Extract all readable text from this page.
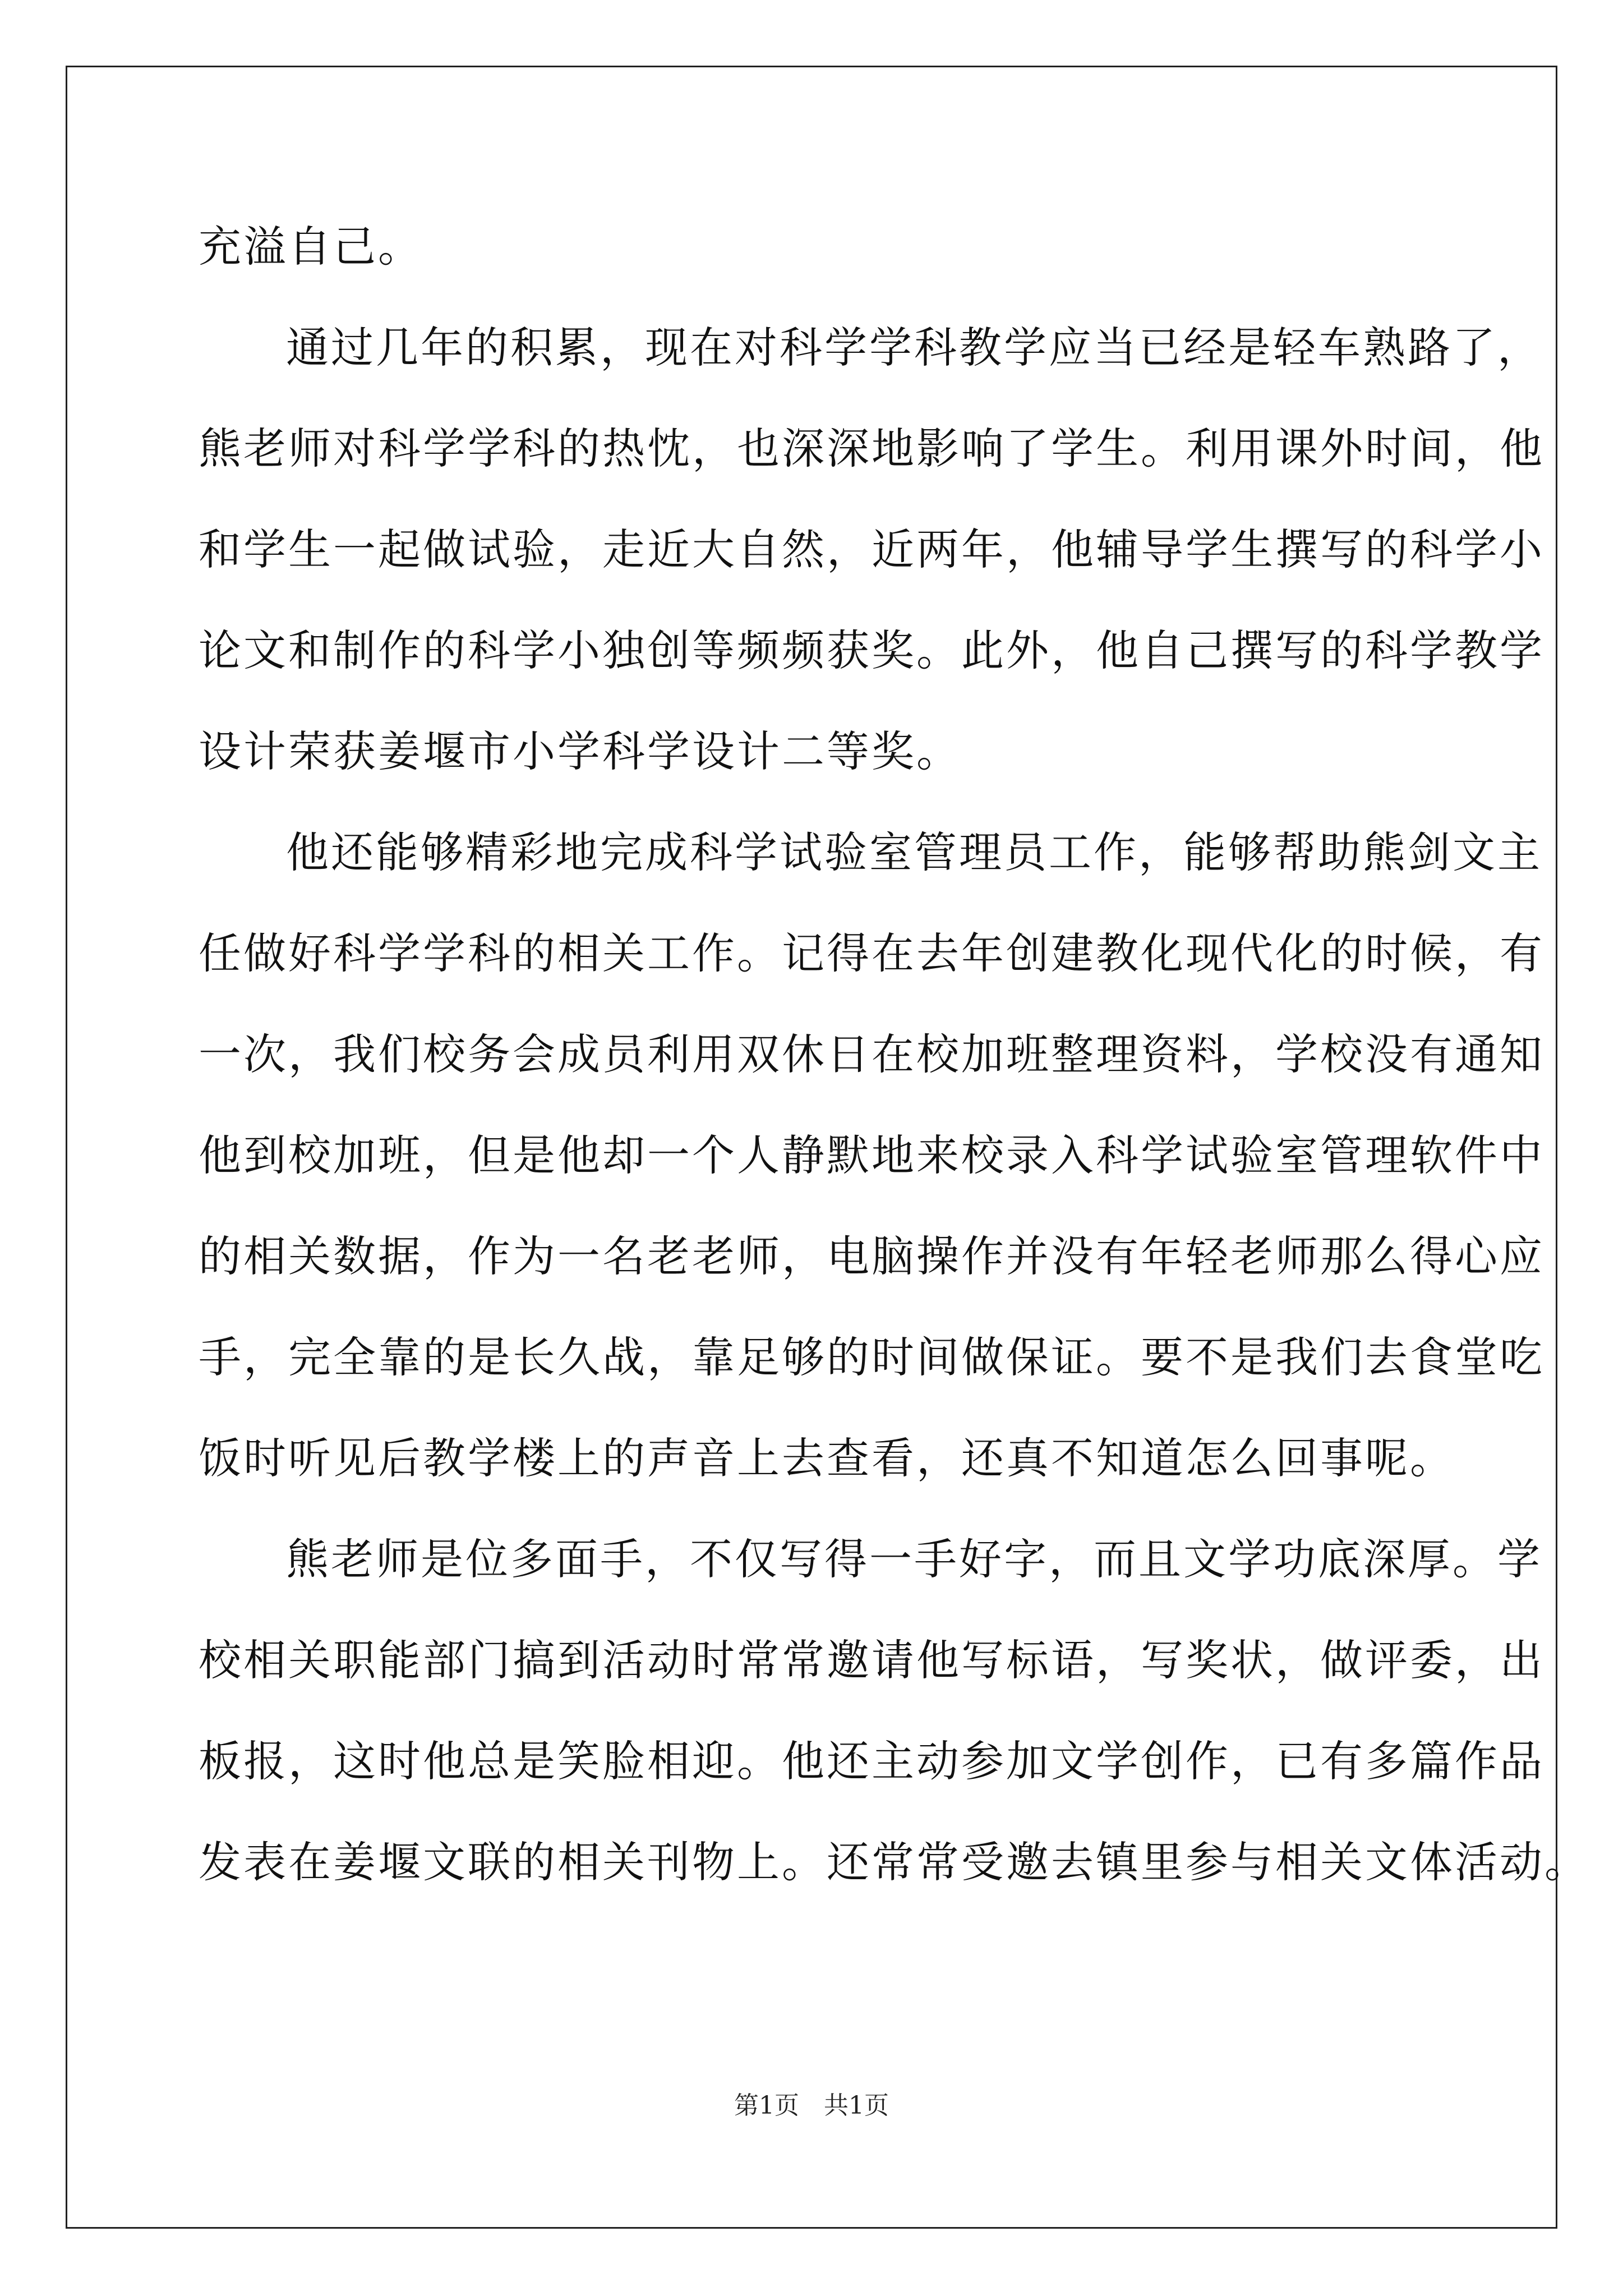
充溢自己。
通过几年的积累，现在对科学学科教学应当已经是轻车熟路了，
熊老师对科学学科的热忱，也深深地影响了学生。利用课外时间，他
和学生一起做试验，走近大自然，近两年，他辅导学生撰写的科学小
论文和制作的科学小独创等频频获奖。此外，他自己撰写的科学教学
设计荣获姜堰市小学科学设计二等奖。
他还能够精彩地完成科学试验室管理员工作，能够帮助熊剑文主
任做好科学学科的相关工作。记得在去年创建教化现代化的时候，有
一次，我们校务会成员利用双休日在校加班整理资料，学校没有通知
他到校加班，但是他却一个人静默地来校录入科学试验室管理软件中
的相关数据，作为一名老老师，电脑操作并没有年轻老师那么得心应
手，完全靠的是长久战，靠足够的时间做保证。要不是我们去食堂吃
饭时听见后教学楼上的声音上去查看，还真不知道怎么回事呢。
熊老师是位多面手，不仅写得一手好字，而且文学功底深厚。学
校相关职能部门搞到活动时常常邀请他写标语，写奖状，做评委，出
板报，这时他总是笑脸相迎。他还主动参加文学创作，已有多篇作品
发表在姜堰文联的相关刊物上。还常常受邀去镇里参与相关文体活动。
第1页　共1页
